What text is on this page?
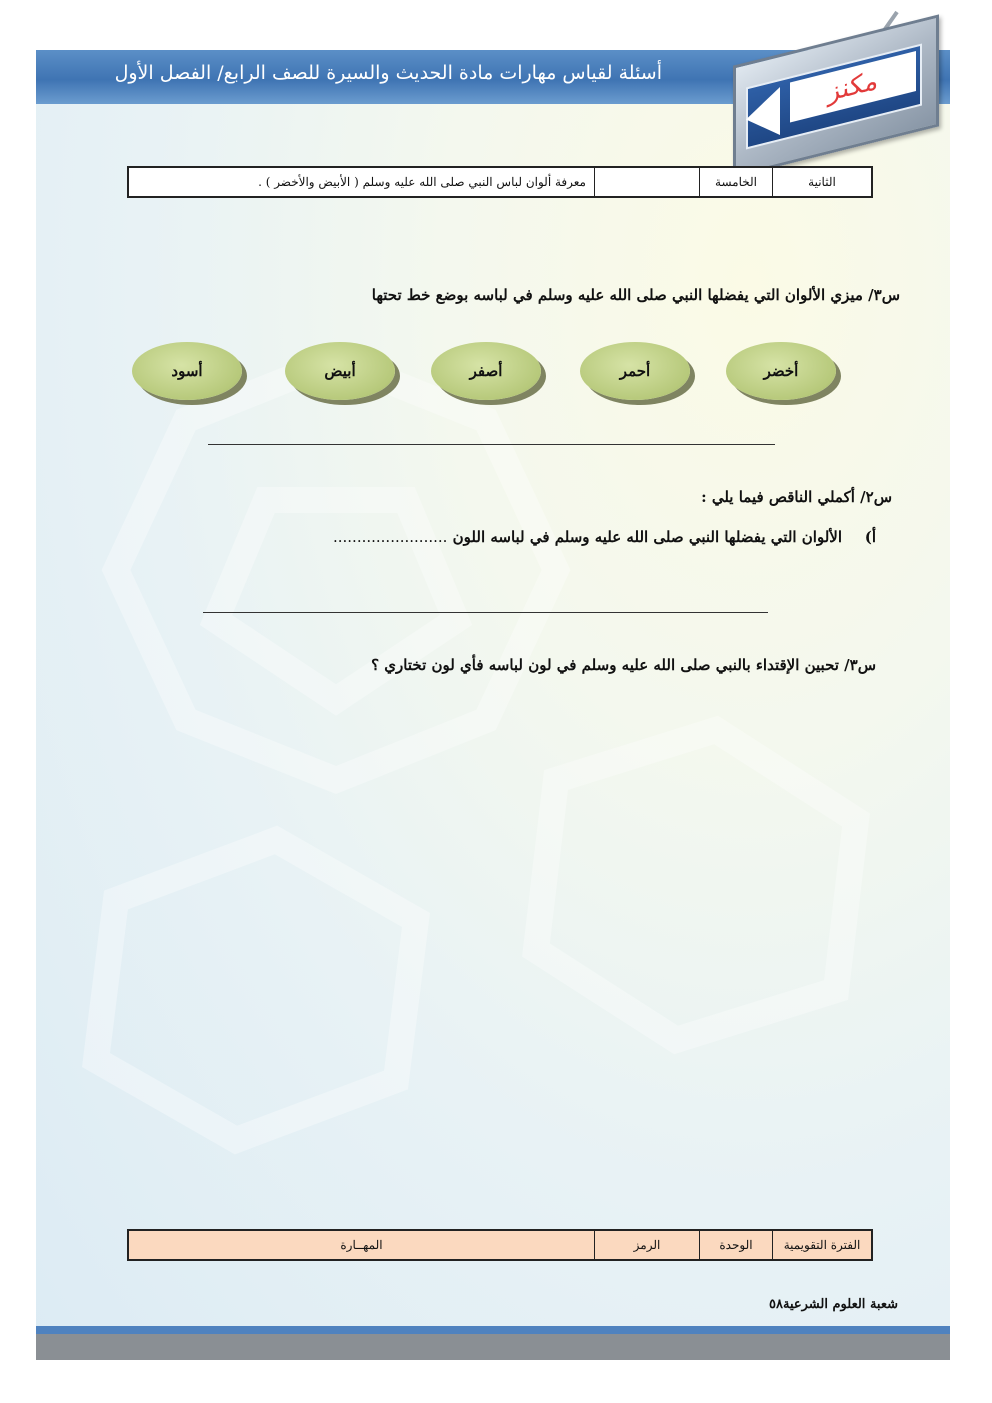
أسئلة لقياس مهارات مادة الحديث والسيرة للصف الرابع/ الفصل الأول	مكنز
الثانية	الخامسة		معرفة ألوان لباس النبي صلى الله عليه وسلم ( الأبيض والأخضر ) .
س٣/ ميزي الألوان التي يفضلها النبي صلى الله عليه وسلم في لباسه بوضع خط تحتها
أخضر
أحمر
أصفر
أبيض
أسود
س٢/ أكملي الناقص فيما يلي :
أ)
الألوان التي يفضلها النبي صلى الله عليه وسلم في لباسه اللون ........................
س٣/ تحبين الإقتداء بالنبي صلى الله عليه وسلم في لون لباسه فأي لون تختاري ؟
الفترة التقويمية	الوحدة	الرمز	المهــارة
شعبة العلوم الشرعية٥٨
